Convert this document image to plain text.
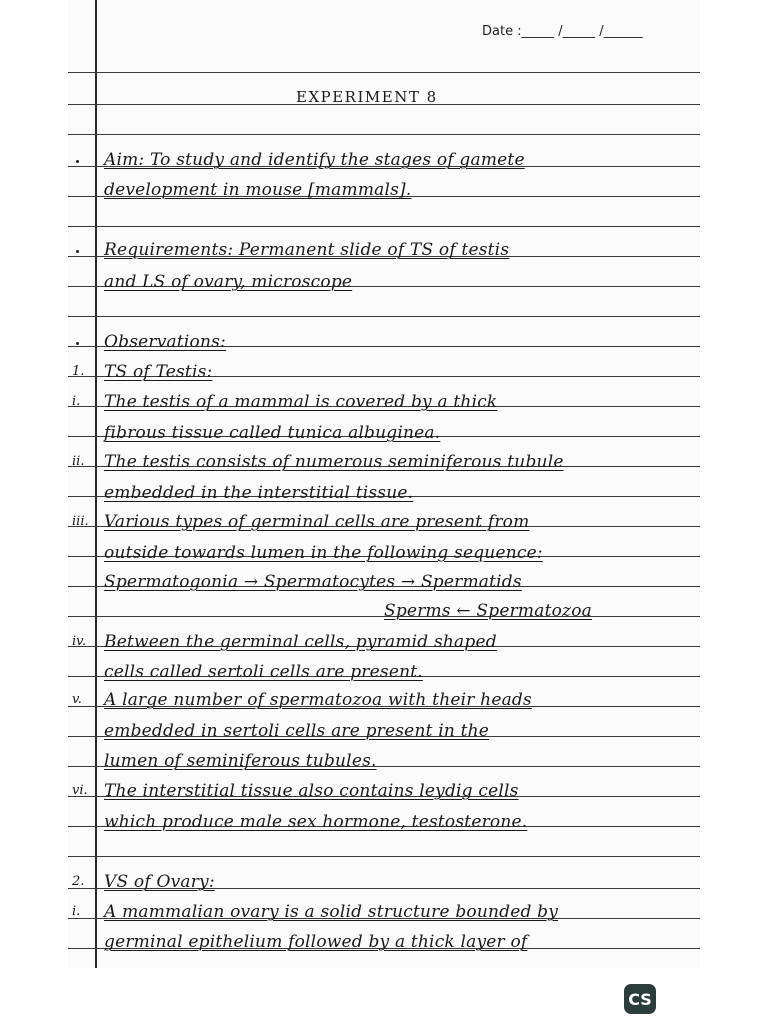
Date :_____ /_____ /______
EXPERIMENT 8
Aim: To study and identify the stages of gamete
development in mouse [mammals].
Requirements: Permanent slide of TS of testis
and LS of ovary, microscope
Observations:
1.	TS of Testis:
i.	The testis of a mammal is covered by a thick
fibrous tissue called tunica albuginea.
ii.	The testis consists of numerous seminiferous tubule
embedded in the interstitial tissue.
iii. Various types of germinal cells are present from
outside towards lumen in the following sequence:
Spermatogonia → Spermatocytes → Spermatids
Sperms ← Spermatozoa
iv.	Between the germinal cells, pyramid shaped
cells called sertoli cells are present.
v.	A large number of spermatozoa with their heads
embedded in sertoli cells are present in the
lumen of seminiferous tubules.
vi. The interstitial tissue also contains leydig cells
which produce male sex hormone, testosterone.
2.	VS of Ovary:
i.	A mammalian ovary is a solid structure bounded by
germinal epithelium followed by a thick layer of
CS
